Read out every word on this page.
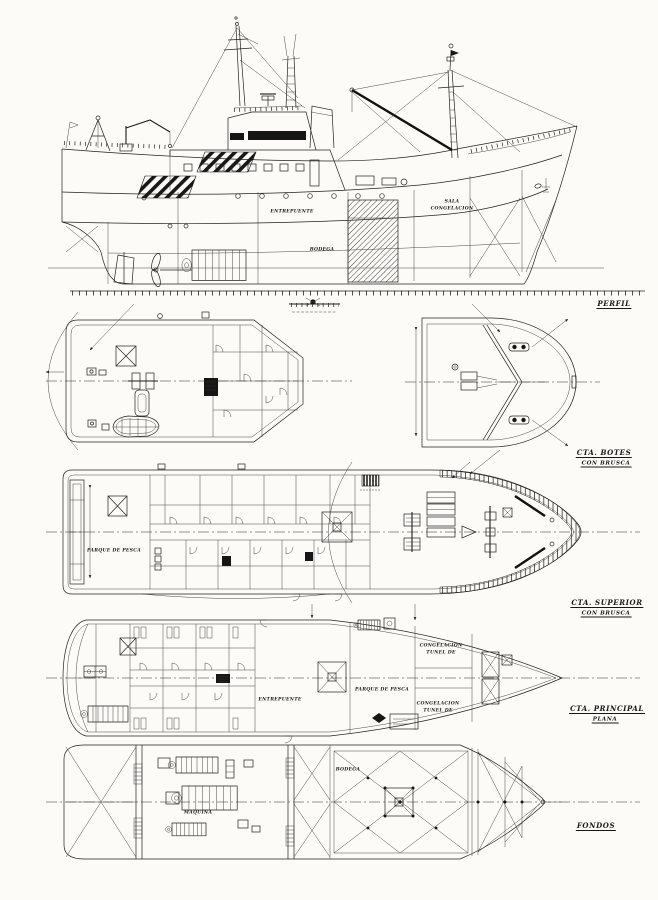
PERFIL
CTA. BOTES
CON BRUSCA
CTA. SUPERIOR
CON BRUSCA
CTA. PRINCIPAL
PLANA
FONDOS
ENTREPUENTE
BODEGA
SALA
CONGELACION
PARQUE DE PESCA
ENTREPUENTE
PARQUE DE PESCA
CONGELACION
TUNEL DE
CONGELACION
TUNEL DE
MAQUINA
BODEGA
